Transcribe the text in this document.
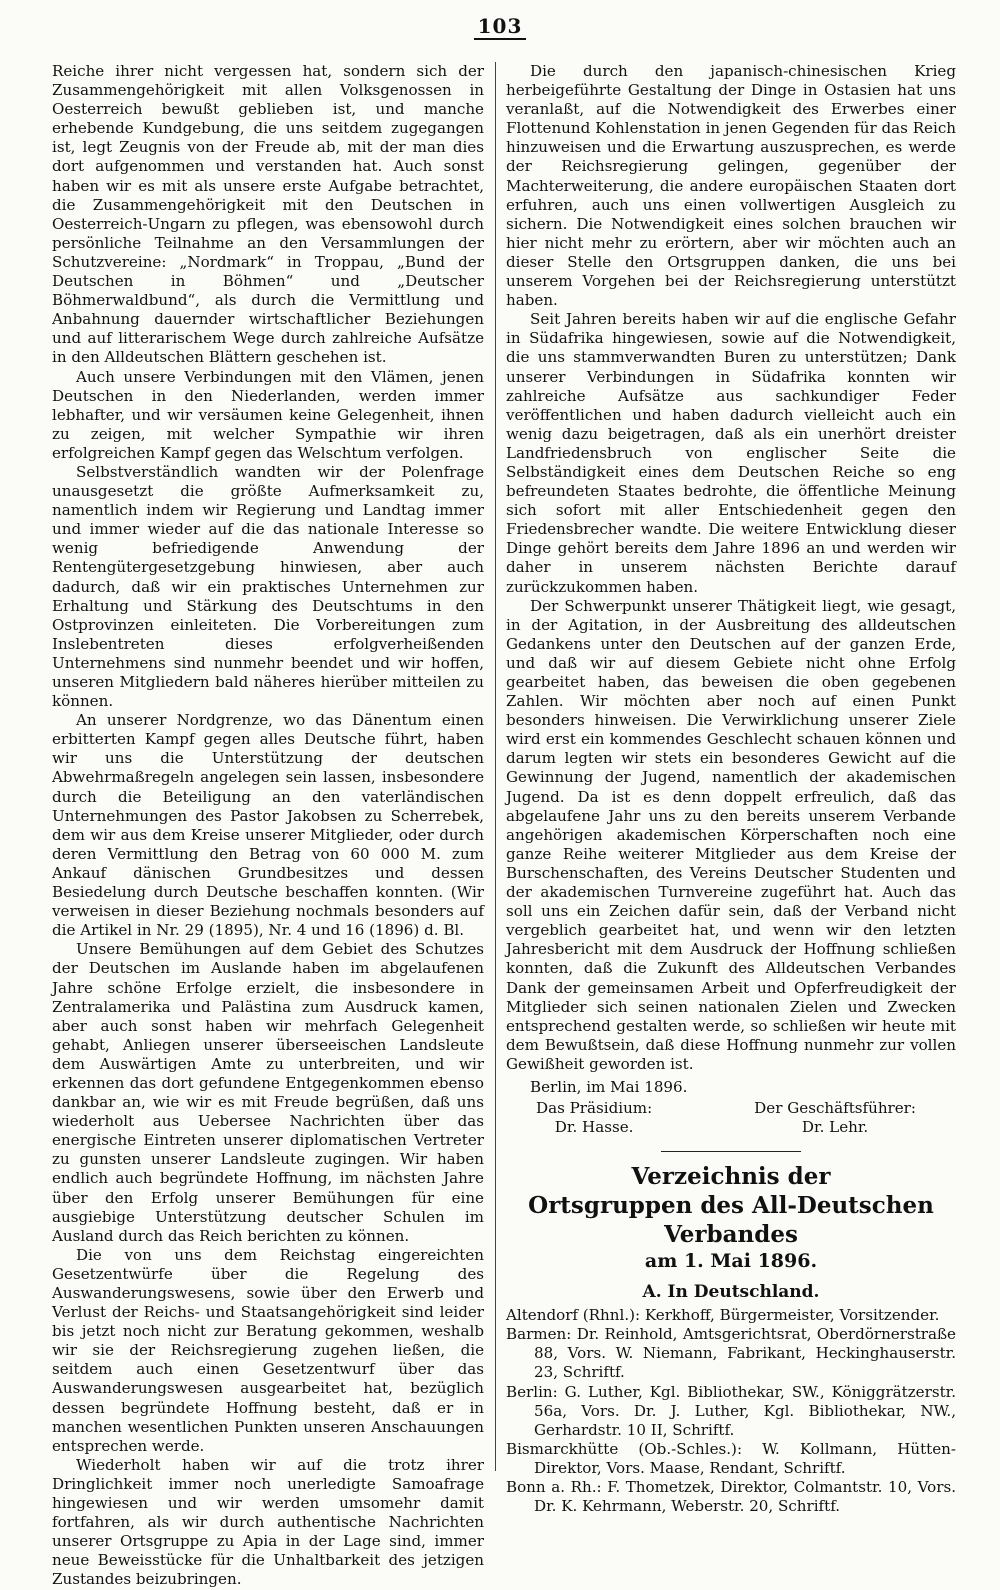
103

Reiche ihrer nicht vergessen hat, sondern sich der Zusammengehörigkeit mit allen Volksgenossen in Oesterreich bewußt geblieben ist, und manche erhebende Kundgebung, die uns seitdem zugegangen ist, legt Zeugnis von der Freude ab, mit der man dies dort aufgenommen und verstanden hat. Auch sonst haben wir es mit als unsere erste Aufgabe betrachtet, die Zusammengehörigkeit mit den Deutschen in Oesterreich-Ungarn zu pflegen, was ebensowohl durch persönliche Teilnahme an den Versammlungen der Schutzvereine: „Nordmark“ in Troppau, „Bund der Deutschen in Böhmen“ und „Deutscher Böhmerwaldbund“, als durch die Vermittlung und Anbahnung dauernder wirtschaftlicher Beziehungen und auf litterarischem Wege durch zahlreiche Aufsätze in den Alldeutschen Blättern geschehen ist.

Auch unsere Verbindungen mit den Vlämen, jenen Deutschen in den Niederlanden, werden immer lebhafter, und wir versäumen keine Gelegenheit, ihnen zu zeigen, mit welcher Sympathie wir ihren erfolgreichen Kampf gegen das Welschtum verfolgen.

Selbstverständlich wandten wir der Polenfrage unausgesetzt die größte Aufmerksamkeit zu, namentlich indem wir Regierung und Landtag immer und immer wieder auf die das nationale Interesse so wenig befriedigende Anwendung der Rentengütergesetzgebung hinwiesen, aber auch dadurch, daß wir ein praktisches Unternehmen zur Erhaltung und Stärkung des Deutschtums in den Ostprovinzen einleiteten. Die Vorbereitungen zum Inslebentreten dieses erfolgverheißenden Unternehmens sind nunmehr beendet und wir hoffen, unseren Mitgliedern bald näheres hierüber mitteilen zu können.

An unserer Nordgrenze, wo das Dänentum einen erbitterten Kampf gegen alles Deutsche führt, haben wir uns die Unterstützung der deutschen Abwehrmaßregeln angelegen sein lassen, insbesondere durch die Beteiligung an den vaterländischen Unternehmungen des Pastor Jakobsen zu Scherrebek, dem wir aus dem Kreise unserer Mitglieder, oder durch deren Vermittlung den Betrag von 60 000 M. zum Ankauf dänischen Grundbesitzes und dessen Besiedelung durch Deutsche beschaffen konnten. (Wir verweisen in dieser Beziehung nochmals besonders auf die Artikel in Nr. 29 (1895), Nr. 4 und 16 (1896) d. Bl.

Unsere Bemühungen auf dem Gebiet des Schutzes der Deutschen im Auslande haben im abgelaufenen Jahre schöne Erfolge erzielt, die insbesondere in Zentralamerika und Palästina zum Ausdruck kamen, aber auch sonst haben wir mehrfach Gelegenheit gehabt, Anliegen unserer überseeischen Landsleute dem Auswärtigen Amte zu unterbreiten, und wir erkennen das dort gefundene Entgegenkommen ebenso dankbar an, wie wir es mit Freude begrüßen, daß uns wiederholt aus Uebersee Nachrichten über das energische Eintreten unserer diplomatischen Vertreter zu gunsten unserer Landsleute zugingen. Wir haben endlich auch begründete Hoffnung, im nächsten Jahre über den Erfolg unserer Bemühungen für eine ausgiebige Unterstützung deutscher Schulen im Ausland durch das Reich berichten zu können.

Die von uns dem Reichstag eingereichten Gesetzentwürfe über die Regelung des Auswanderungswesens, sowie über den Erwerb und Verlust der Reichs- und Staatsangehörigkeit sind leider bis jetzt noch nicht zur Beratung gekommen, weshalb wir sie der Reichsregierung zugehen ließen, die seitdem auch einen Gesetzentwurf über das Auswanderungswesen ausgearbeitet hat, bezüglich dessen begründete Hoffnung besteht, daß er in manchen wesentlichen Punkten unseren Anschauungen entsprechen werde.

Wiederholt haben wir auf die trotz ihrer Dringlichkeit immer noch unerledigte Samoafrage hingewiesen und wir werden umsomehr damit fortfahren, als wir durch authentische Nachrichten unserer Ortsgruppe zu Apia in der Lage sind, immer neue Beweisstücke für die Unhaltbarkeit des jetzigen Zustandes beizubringen.

Die durch den japanisch-chinesischen Krieg herbeigeführte Gestaltung der Dinge in Ostasien hat uns veranlaßt, auf die Notwendigkeit des Erwerbes einer Flottenund Kohlenstation in jenen Gegenden für das Reich hinzuweisen und die Erwartung auszusprechen, es werde der Reichsregierung gelingen, gegenüber der Machterweiterung, die andere europäischen Staaten dort erfuhren, auch uns einen vollwertigen Ausgleich zu sichern. Die Notwendigkeit eines solchen brauchen wir hier nicht mehr zu erörtern, aber wir möchten auch an dieser Stelle den Ortsgruppen danken, die uns bei unserem Vorgehen bei der Reichsregierung unterstützt haben.

Seit Jahren bereits haben wir auf die englische Gefahr in Südafrika hingewiesen, sowie auf die Notwendigkeit, die uns stammverwandten Buren zu unterstützen; Dank unserer Verbindungen in Südafrika konnten wir zahlreiche Aufsätze aus sachkundiger Feder veröffentlichen und haben dadurch vielleicht auch ein wenig dazu beigetragen, daß als ein unerhört dreister Landfriedensbruch von englischer Seite die Selbständigkeit eines dem Deutschen Reiche so eng befreundeten Staates bedrohte, die öffentliche Meinung sich sofort mit aller Entschiedenheit gegen den Friedensbrecher wandte. Die weitere Entwicklung dieser Dinge gehört bereits dem Jahre 1896 an und werden wir daher in unserem nächsten Berichte darauf zurückzukommen haben.

Der Schwerpunkt unserer Thätigkeit liegt, wie gesagt, in der Agitation, in der Ausbreitung des alldeutschen Gedankens unter den Deutschen auf der ganzen Erde, und daß wir auf diesem Gebiete nicht ohne Erfolg gearbeitet haben, das beweisen die oben gegebenen Zahlen. Wir möchten aber noch auf einen Punkt besonders hinweisen. Die Verwirklichung unserer Ziele wird erst ein kommendes Geschlecht schauen können und darum legten wir stets ein besonderes Gewicht auf die Gewinnung der Jugend, namentlich der akademischen Jugend. Da ist es denn doppelt erfreulich, daß das abgelaufene Jahr uns zu den bereits unserem Verbande angehörigen akademischen Körperschaften noch eine ganze Reihe weiterer Mitglieder aus dem Kreise der Burschenschaften, des Vereins Deutscher Studenten und der akademischen Turnvereine zugeführt hat. Auch das soll uns ein Zeichen dafür sein, daß der Verband nicht vergeblich gearbeitet hat, und wenn wir den letzten Jahresbericht mit dem Ausdruck der Hoffnung schließen konnten, daß die Zukunft des Alldeutschen Verbandes Dank der gemeinsamen Arbeit und Opferfreudigkeit der Mitglieder sich seinen nationalen Zielen und Zwecken entsprechend gestalten werde, so schließen wir heute mit dem Bewußtsein, daß diese Hoffnung nunmehr zur vollen Gewißheit geworden ist.

Berlin, im Mai 1896.

Das Präsidium:
Dr. Hasse.
Der Geschäftsführer:
Dr. Lehr.
Verzeichnis der
Ortsgruppen des All-Deutschen Verbandes
am 1. Mai 1896.
A. In Deutschland.

Altendorf (Rhnl.): Kerkhoff, Bürgermeister, Vorsitzender.

Barmen: Dr. Reinhold, Amtsgerichtsrat, Oberdörnerstraße 88, Vors. W. Niemann, Fabrikant, Heckinghauserstr. 23, Schriftf.

Berlin: G. Luther, Kgl. Bibliothekar, SW., Königgrätzerstr. 56a, Vors. Dr. J. Luther, Kgl. Bibliothekar, NW., Gerhardstr. 10 II, Schriftf.

Bismarckhütte (Ob.-Schles.): W. Kollmann, Hütten-Direktor, Vors. Maase, Rendant, Schriftf.

Bonn a. Rh.: F. Thometzek, Direktor, Colmantstr. 10, Vors. Dr. K. Kehrmann, Weberstr. 20, Schriftf.
